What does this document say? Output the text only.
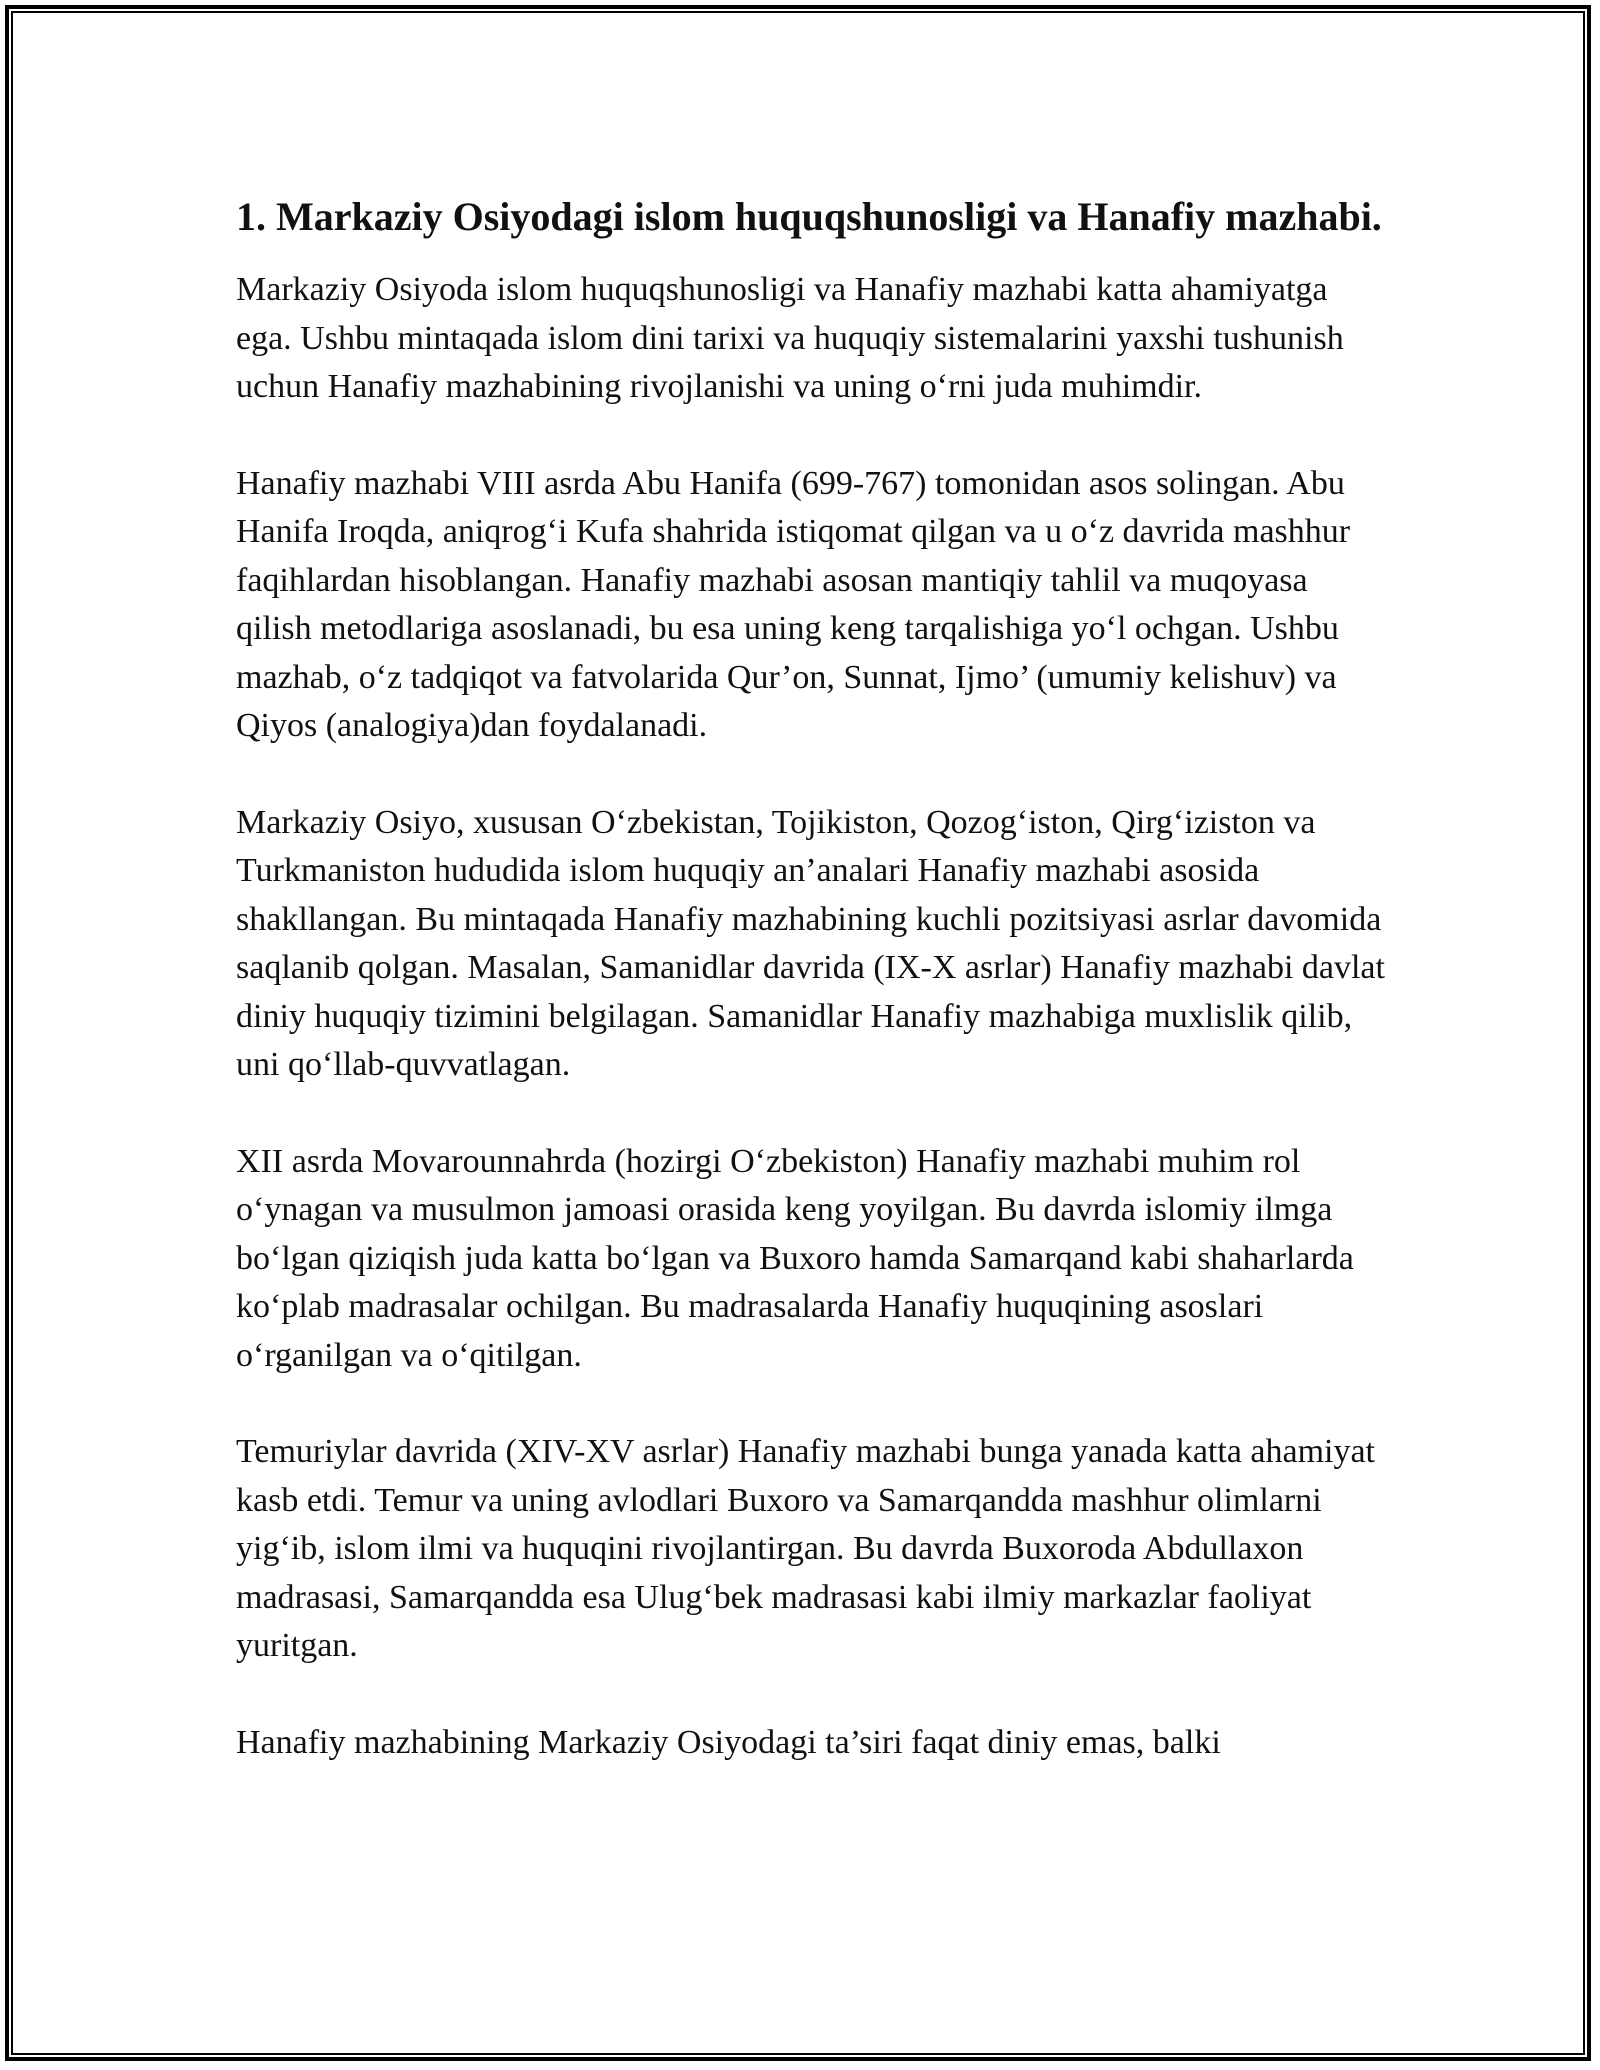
1. Markaziy Osiyodagi islom huquqshunosligi va Hanafiy mazhabi.

Markaziy Osiyoda islom huquqshunosligi va Hanafiy mazhabi katta ahamiyatga ega. Ushbu mintaqada islom dini tarixi va huquqiy sistemalarini yaxshi tushunish uchun Hanafiy mazhabining rivojlanishi va uning o‘rni juda muhimdir.

Hanafiy mazhabi VIII asrda Abu Hanifa (699-767) tomonidan asos solingan. Abu Hanifa Iroqda, aniqrog‘i Kufa shahrida istiqomat qilgan va u o‘z davrida mashhur faqihlardan hisoblangan. Hanafiy mazhabi asosan mantiqiy tahlil va muqoyasa qilish metodlariga asoslanadi, bu esa uning keng tarqalishiga yo‘l ochgan. Ushbu mazhab, o‘z tadqiqot va fatvolarida Qur’on, Sunnat, Ijmo’ (umumiy kelishuv) va Qiyos (analogiya)dan foydalanadi.

Markaziy Osiyo, xususan O‘zbekistan, Tojikiston, Qozog‘iston, Qirg‘iziston va Turkmaniston hududida islom huquqiy an’analari Hanafiy mazhabi asosida shakllangan. Bu mintaqada Hanafiy mazhabining kuchli pozitsiyasi asrlar davomida saqlanib qolgan. Masalan, Samanidlar davrida (IX-X asrlar) Hanafiy mazhabi davlat diniy huquqiy tizimini belgilagan. Samanidlar Hanafiy mazhabiga muxlislik qilib, uni qo‘llab-quvvatlagan.

XII asrda Movarounnahrda (hozirgi O‘zbekiston) Hanafiy mazhabi muhim rol o‘ynagan va musulmon jamoasi orasida keng yoyilgan. Bu davrda islomiy ilmga bo‘lgan qiziqish juda katta bo‘lgan va Buxoro hamda Samarqand kabi shaharlarda ko‘plab madrasalar ochilgan. Bu madrasalarda Hanafiy huquqining asoslari o‘rganilgan va o‘qitilgan.

Temuriylar davrida (XIV-XV asrlar) Hanafiy mazhabi bunga yanada katta ahamiyat kasb etdi. Temur va uning avlodlari Buxoro va Samarqandda mashhur olimlarni yig‘ib, islom ilmi va huquqini rivojlantirgan. Bu davrda Buxoroda Abdullaxon madrasasi, Samarqandda esa Ulug‘bek madrasasi kabi ilmiy markazlar faoliyat yuritgan.

Hanafiy mazhabining Markaziy Osiyodagi ta’siri faqat diniy emas, balki
